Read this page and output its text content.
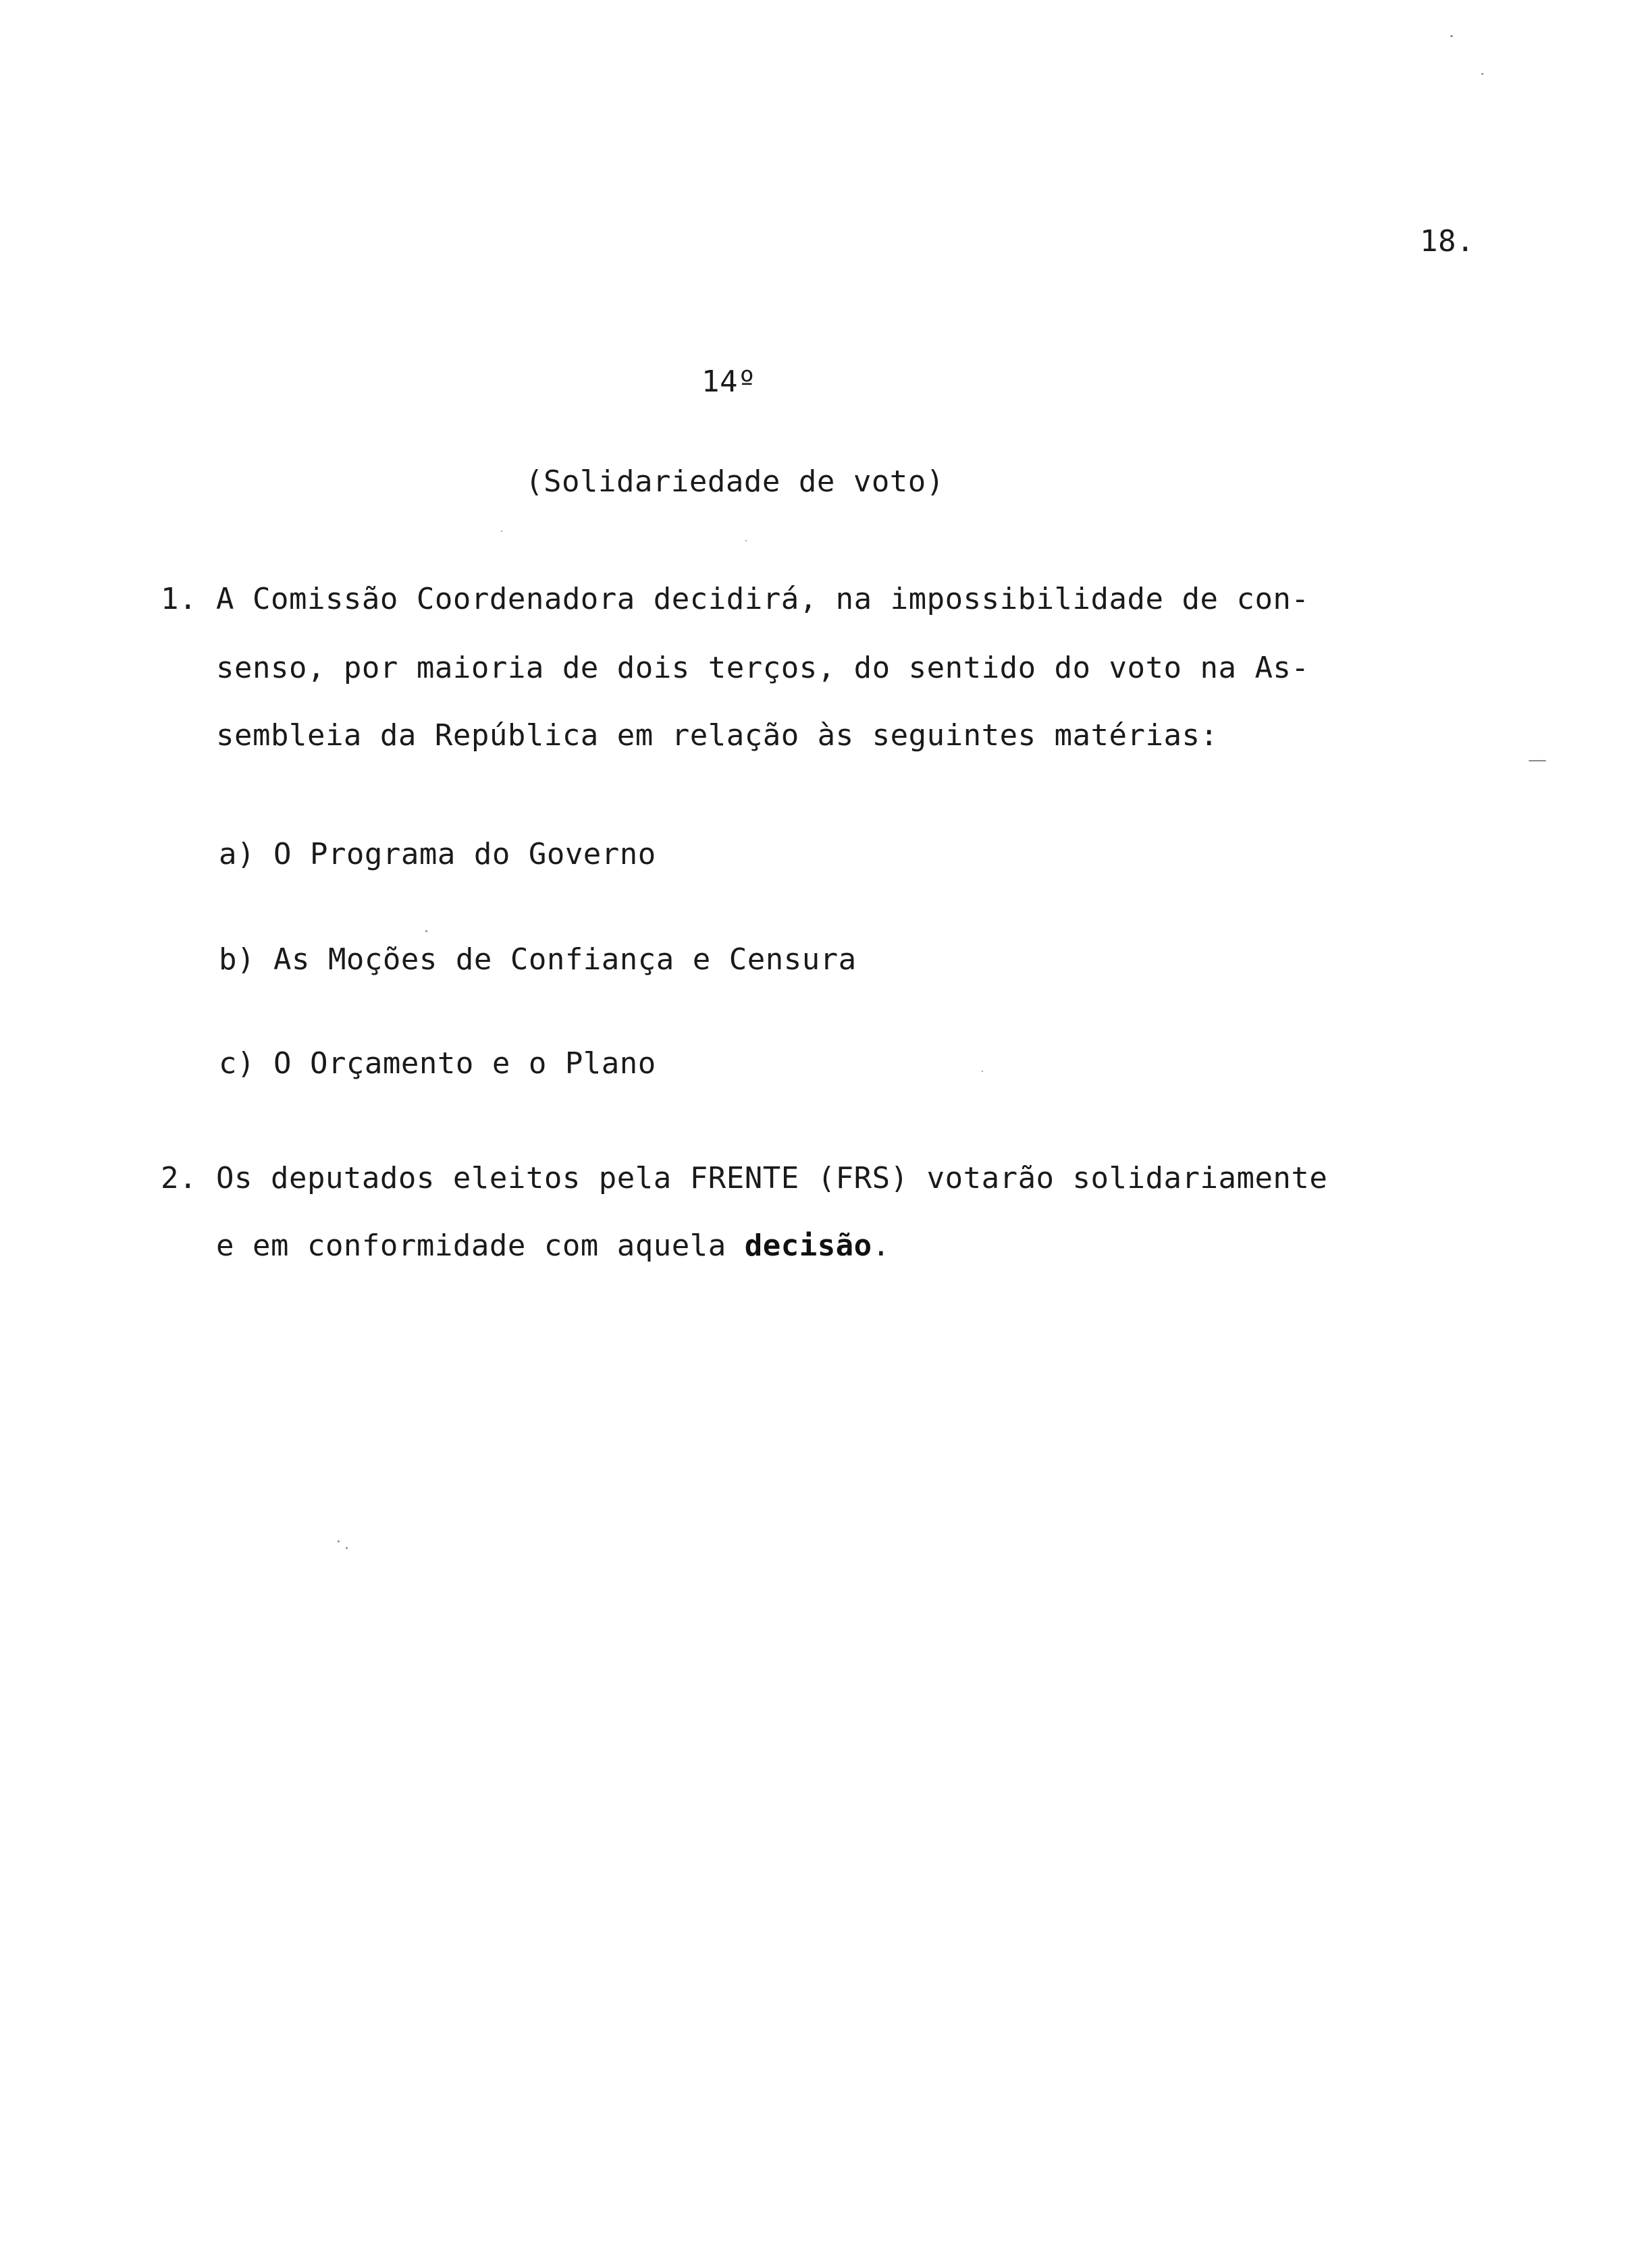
18.
14º
(Solidariedade de voto)
1. A Comissão Coordenadora decidirá, na impossibilidade de con-
senso, por maioria de dois terços, do sentido do voto na As-
sembleia da República em relação às seguintes matérias:
a) O Programa do Governo
b) As Moções de Confiança e Censura
c) O Orçamento e o Plano
2. Os deputados eleitos pela FRENTE (FRS) votarão solidariamente
e em conformidade com aquela decisão.
